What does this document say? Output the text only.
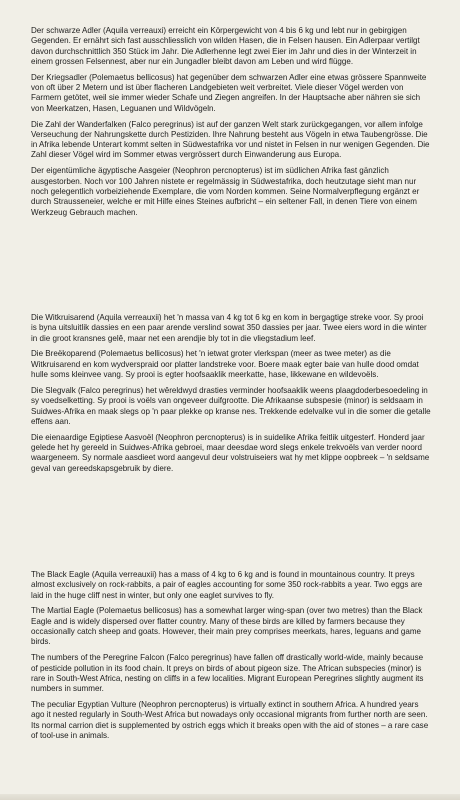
Der schwarze Adler (Aquila verreauxi) erreicht ein Körpergewicht von 4 bis 6 kg und lebt nur in gebirgigen Gegenden. Er ernährt sich fast ausschliesslich von wilden Hasen, die in Felsen hausen. Ein Adlerpaar vertilgt davon durchschnittlich 350 Stück im Jahr. Die Adlerhenne legt zwei Eier im Jahr und dies in der Winterzeit in einem grossen Felsennest, aber nur ein Jungadler bleibt davon am Leben und wird flügge.

Der Kriegsadler (Polemaetus bellicosus) hat gegenüber dem schwarzen Adler eine etwas grössere Spannweite von oft über 2 Metern und ist über flacheren Landgebieten weit verbreitet. Viele dieser Vögel werden von Farmern getötet, weil sie immer wieder Schafe und Ziegen angreifen. In der Hauptsache aber nähren sie sich von Meerkatzen, Hasen, Leguanen und Wildvögeln.

Die Zahl der Wanderfalken (Falco peregrinus) ist auf der ganzen Welt stark zurückgegangen, vor allem infolge Verseuchung der Nahrungskette durch Pestiziden. Ihre Nahrung besteht aus Vögeln in etwa Taubengrösse. Die in Afrika lebende Unterart kommt selten in Südwestafrika vor und nistet in Felsen in nur wenigen Gegenden. Die Zahl dieser Vögel wird im Sommer etwas vergrössert durch Einwanderung aus Europa.

Der eigentümliche ägyptische Aasgeier (Neophron percnopterus) ist im südlichen Afrika fast gänzlich ausgestorben. Noch vor 100 Jahren nistete er regelmässig in Südwestafrika, doch heutzutage sieht man nur noch gelegentlich vorbeiziehende Exemplare, die vom Norden kommen. Seine Normalverpflegung ergänzt er durch Strausseneier, welche er mit Hilfe eines Steines aufbricht – ein seltener Fall, in denen Tiere von einem Werkzeug Gebrauch machen.

Die Witkruisarend (Aquila verreauxii) het 'n massa van 4 kg tot 6 kg en kom in bergagtige streke voor. Sy prooi is byna uitsluitlik dassies en een paar arende verslind sowat 350 dassies per jaar. Twee eiers word in die winter in die groot kransnes gelê, maar net een arendjie bly tot in die vliegstadium leef.

Die Breëkoparend (Polemaetus bellicosus) het 'n ietwat groter vlerkspan (meer as twee meter) as die Witkruisarend en kom wydverspraid oor platter landstreke voor. Boere maak egter baie van hulle dood omdat hulle soms kleinvee vang. Sy prooi is egter hoofsaaklik meerkatte, hase, likkewane en wildevoëls.

Die Slegvalk (Falco peregrinus) het wêreldwyd drasties verminder hoofsaaklik weens plaagdoderbesoedeling in sy voedselketting. Sy prooi is voëls van ongeveer duifgrootte. Die Afrikaanse subspesie (minor) is seldsaam in Suidwes-Afrika en maak slegs op 'n paar plekke op kranse nes. Trekkende edelvalke vul in die somer die getalle effens aan.

Die eienaardige Egiptiese Aasvoël (Neophron percnopterus) is in suidelike Afrika feitlik uitgesterf. Honderd jaar gelede het hy gereeld in Suidwes-Afrika gebroei, maar deesdae word slegs enkele trekvoëls van verder noord waargeneem. Sy normale aasdieet word aangevul deur volstruiseiers wat hy met klippe oopbreek – 'n seldsame geval van gereedskapsgebruik by diere.

The Black Eagle (Aquila verreauxii) has a mass of 4 kg to 6 kg and is found in mountainous country. It preys almost exclusively on rock-rabbits, a pair of eagles accounting for some 350 rock-rabbits a year. Two eggs are laid in the huge cliff nest in winter, but only one eaglet survives to fly.

The Martial Eagle (Polemaetus bellicosus) has a somewhat larger wing-span (over two metres) than the Black Eagle and is widely dispersed over flatter country. Many of these birds are killed by farmers because they occasionally catch sheep and goats. However, their main prey comprises meerkats, hares, leguans and game birds.

The numbers of the Peregrine Falcon (Falco peregrinus) have fallen off drastically world-wide, mainly because of pesticide pollution in its food chain. It preys on birds of about pigeon size. The African subspecies (minor) is rare in South-West Africa, nesting on cliffs in a few localities. Migrant European Peregrines slightly augment its numbers in summer.

The peculiar Egyptian Vulture (Neophron percnopterus) is virtually extinct in southern Africa. A hundred years ago it nested regularly in South-West Africa but nowadays only occasional migrants from further north are seen. Its normal carrion diet is supplemented by ostrich eggs which it breaks open with the aid of stones – a rare case of tool-use in animals.
